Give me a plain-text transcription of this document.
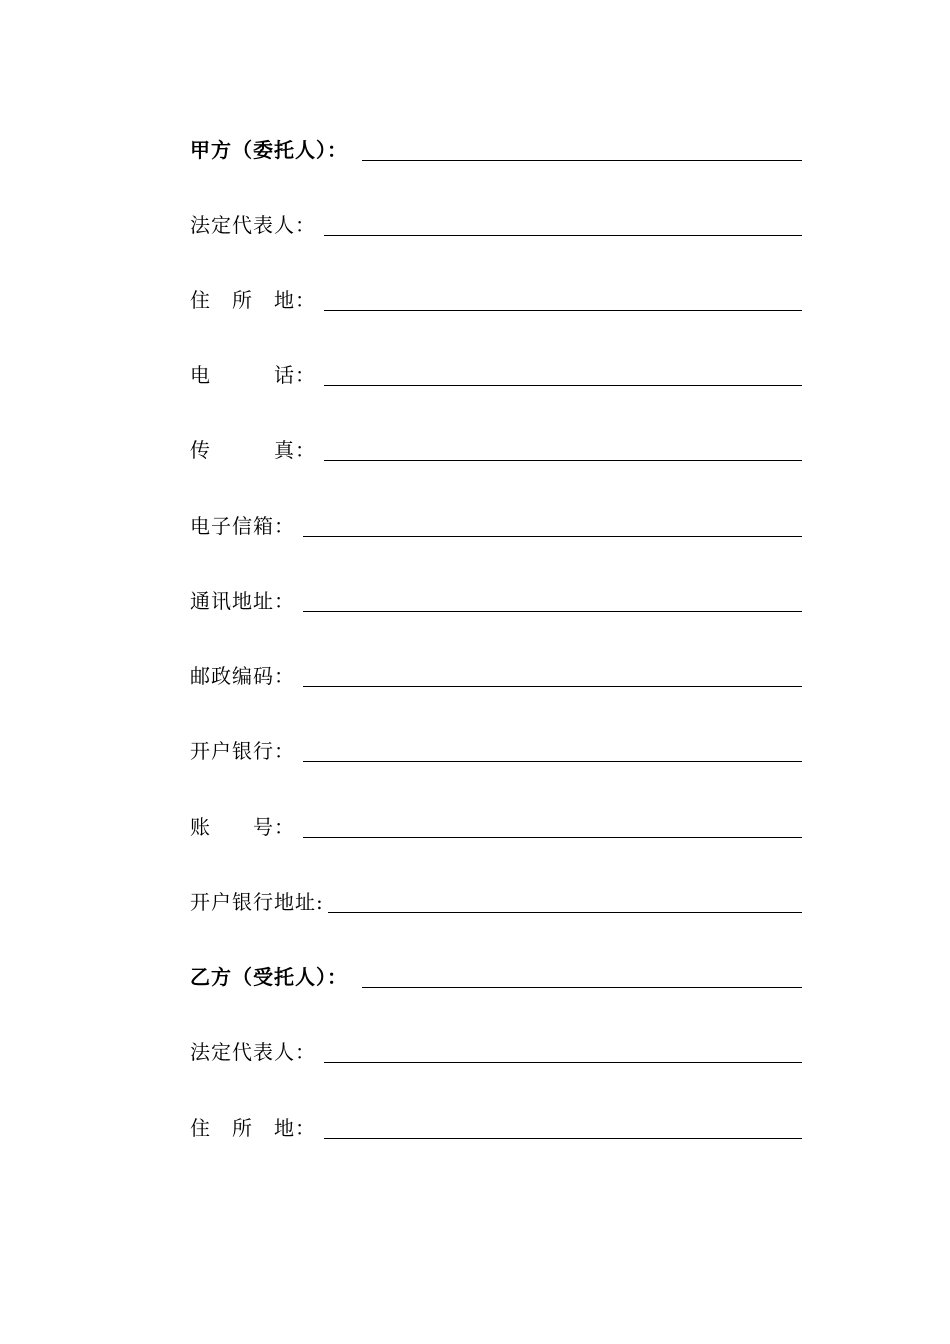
甲方（委托人）：
法定代表人：
住　所　地：
电　　　话：
传　　　真：
电子信箱：
通讯地址：
邮政编码：
开户银行：
账　　号：
开户银行地址:
乙方（受托人）：
法定代表人：
住　所　地：
